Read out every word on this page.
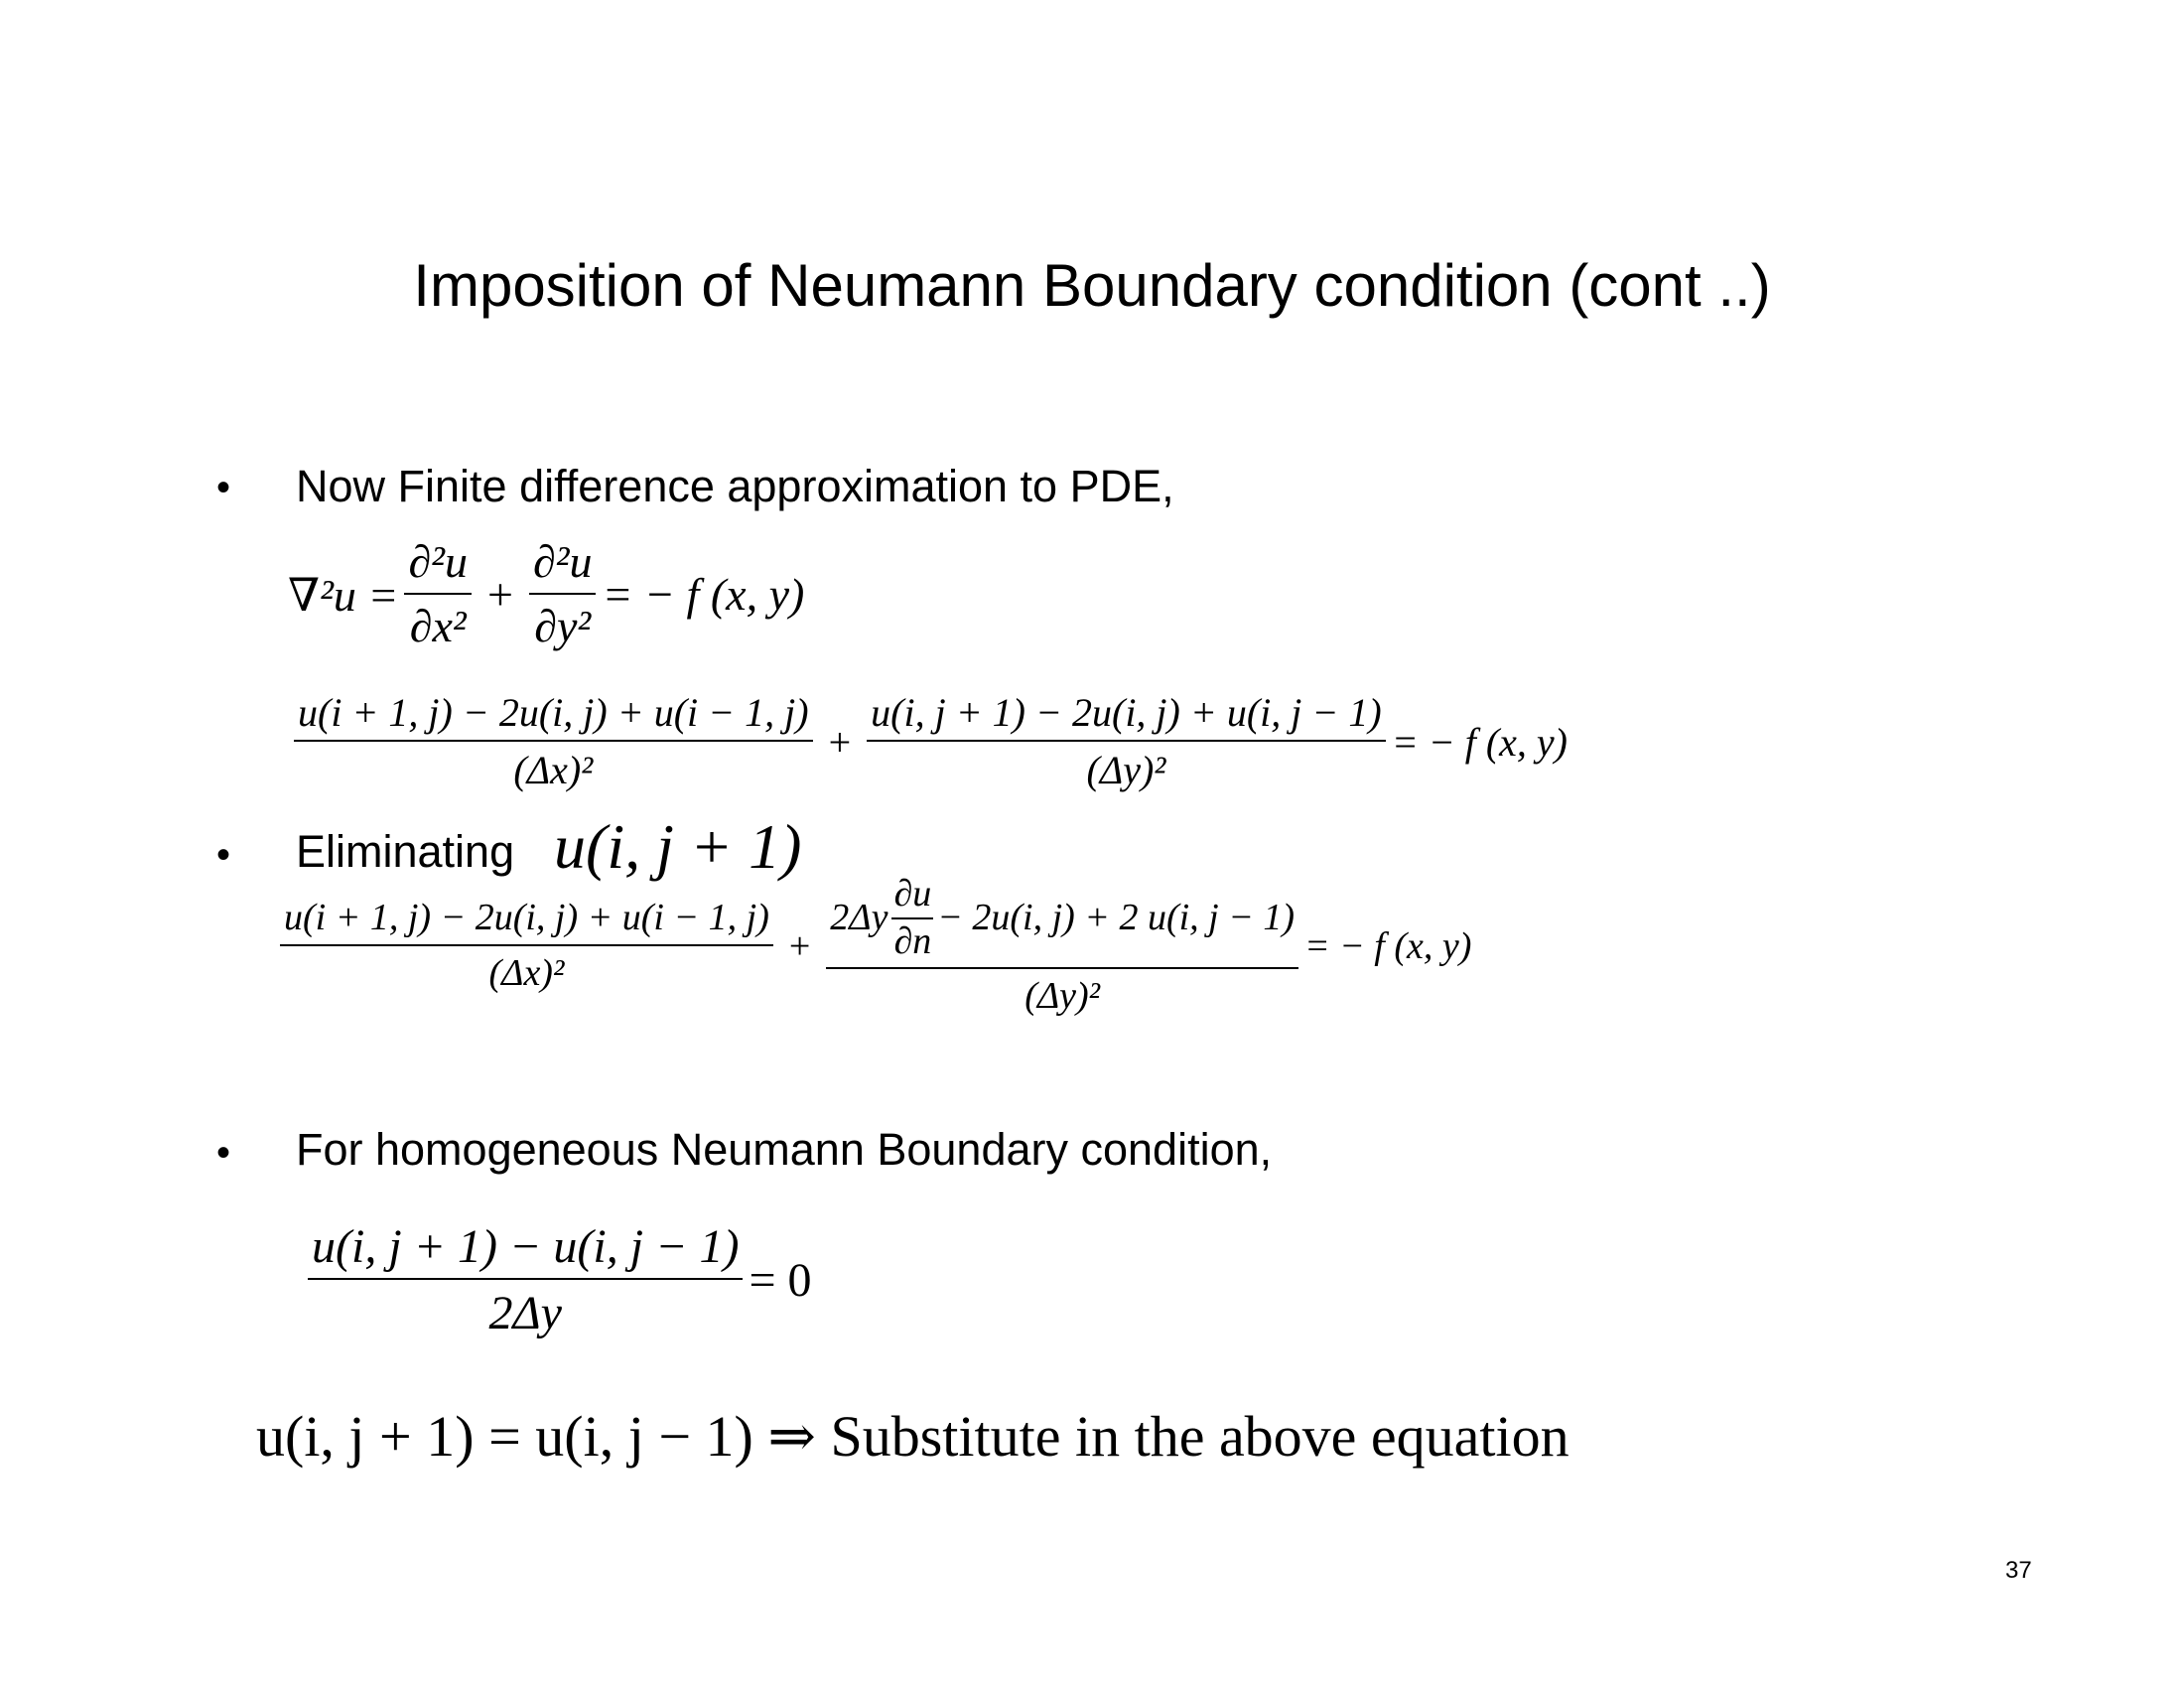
Imposition of Neumann Boundary condition (cont ..)
• Now Finite difference approximation to PDE,
$\nabla^2u = \frac{\text{∂²u}}{\text{∂x²}} + \frac{\text{∂²u}}{\text{∂y²}}$ = − f (x, y)
$\frac{u(i + 1, j) - 2u(i, j) + u(i - 1, j)}{\text{(Δx)²}} + \frac{u(i, j + 1) - 2u(i, j) + u(i, j - 1)}{\text{(Δy)²}}$ = − f (x, y)
• Eliminating u(i, j + 1)
$\frac{u(i + 1, j) - 2u(i, j) + u(i - 1, j)}{\text{(Δx)²}}$ +
$2\Delta y \frac{\partial u}{\partial n} - 2u(i$, j) + 2 u(i, j − 1)
(Δy)²
= − f (x, y)
• For homogeneous Neumann Boundary condition,
$\frac{u(i, j + 1) - u(i, j - 1)}{2\Delta y} = 0$
u(i, j + 1) = u(i, j − 1) ⇒ Substitute in the above equation
37
